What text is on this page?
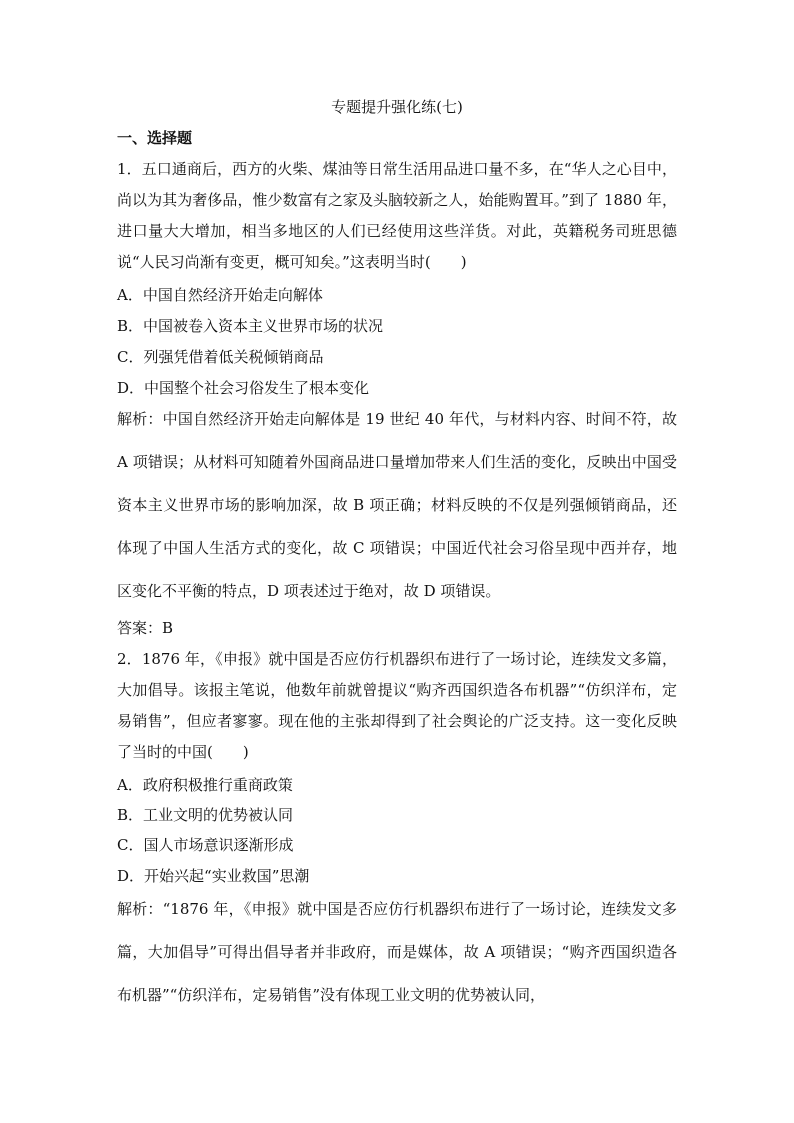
专题提升强化练(七)
一、选择题

1．五口通商后，西方的火柴、煤油等日常生活用品进口量不多，在“华人之心目中，尚以为其为奢侈品，惟少数富有之家及头脑较新之人，始能购置耳。”到了 1880 年，进口量大大增加，相当多地区的人们已经使用这些洋货。对此，英籍税务司班思德说“人民习尚渐有变更，概可知矣。”这表明当时(　　)

A．中国自然经济开始走向解体
B．中国被卷入资本主义世界市场的状况
C．列强凭借着低关税倾销商品
D．中国整个社会习俗发生了根本变化

解析：中国自然经济开始走向解体是 19 世纪 40 年代，与材料内容、时间不符，故 A 项错误；从材料可知随着外国商品进口量增加带来人们生活的变化，反映出中国受资本主义世界市场的影响加深，故 B 项正确；材料反映的不仅是列强倾销商品，还体现了中国人生活方式的变化，故 C 项错误；中国近代社会习俗呈现中西并存，地区变化不平衡的特点，D 项表述过于绝对，故 D 项错误。

答案：B

2．1876 年，《申报》就中国是否应仿行机器织布进行了一场讨论，连续发文多篇，大加倡导。该报主笔说，他数年前就曾提议“购齐西国织造各布机器”“仿织洋布，定易销售”，但应者寥寥。现在他的主张却得到了社会舆论的广泛支持。这一变化反映了当时的中国(　　)

A．政府积极推行重商政策
B．工业文明的优势被认同
C．国人市场意识逐渐形成
D．开始兴起“实业救国”思潮

解析：“1876 年，《申报》就中国是否应仿行机器织布进行了一场讨论，连续发文多篇，大加倡导”可得出倡导者并非政府，而是媒体，故 A 项错误；“购齐西国织造各布机器”“仿织洋布，定易销售”没有体现工业文明的优势被认同，
